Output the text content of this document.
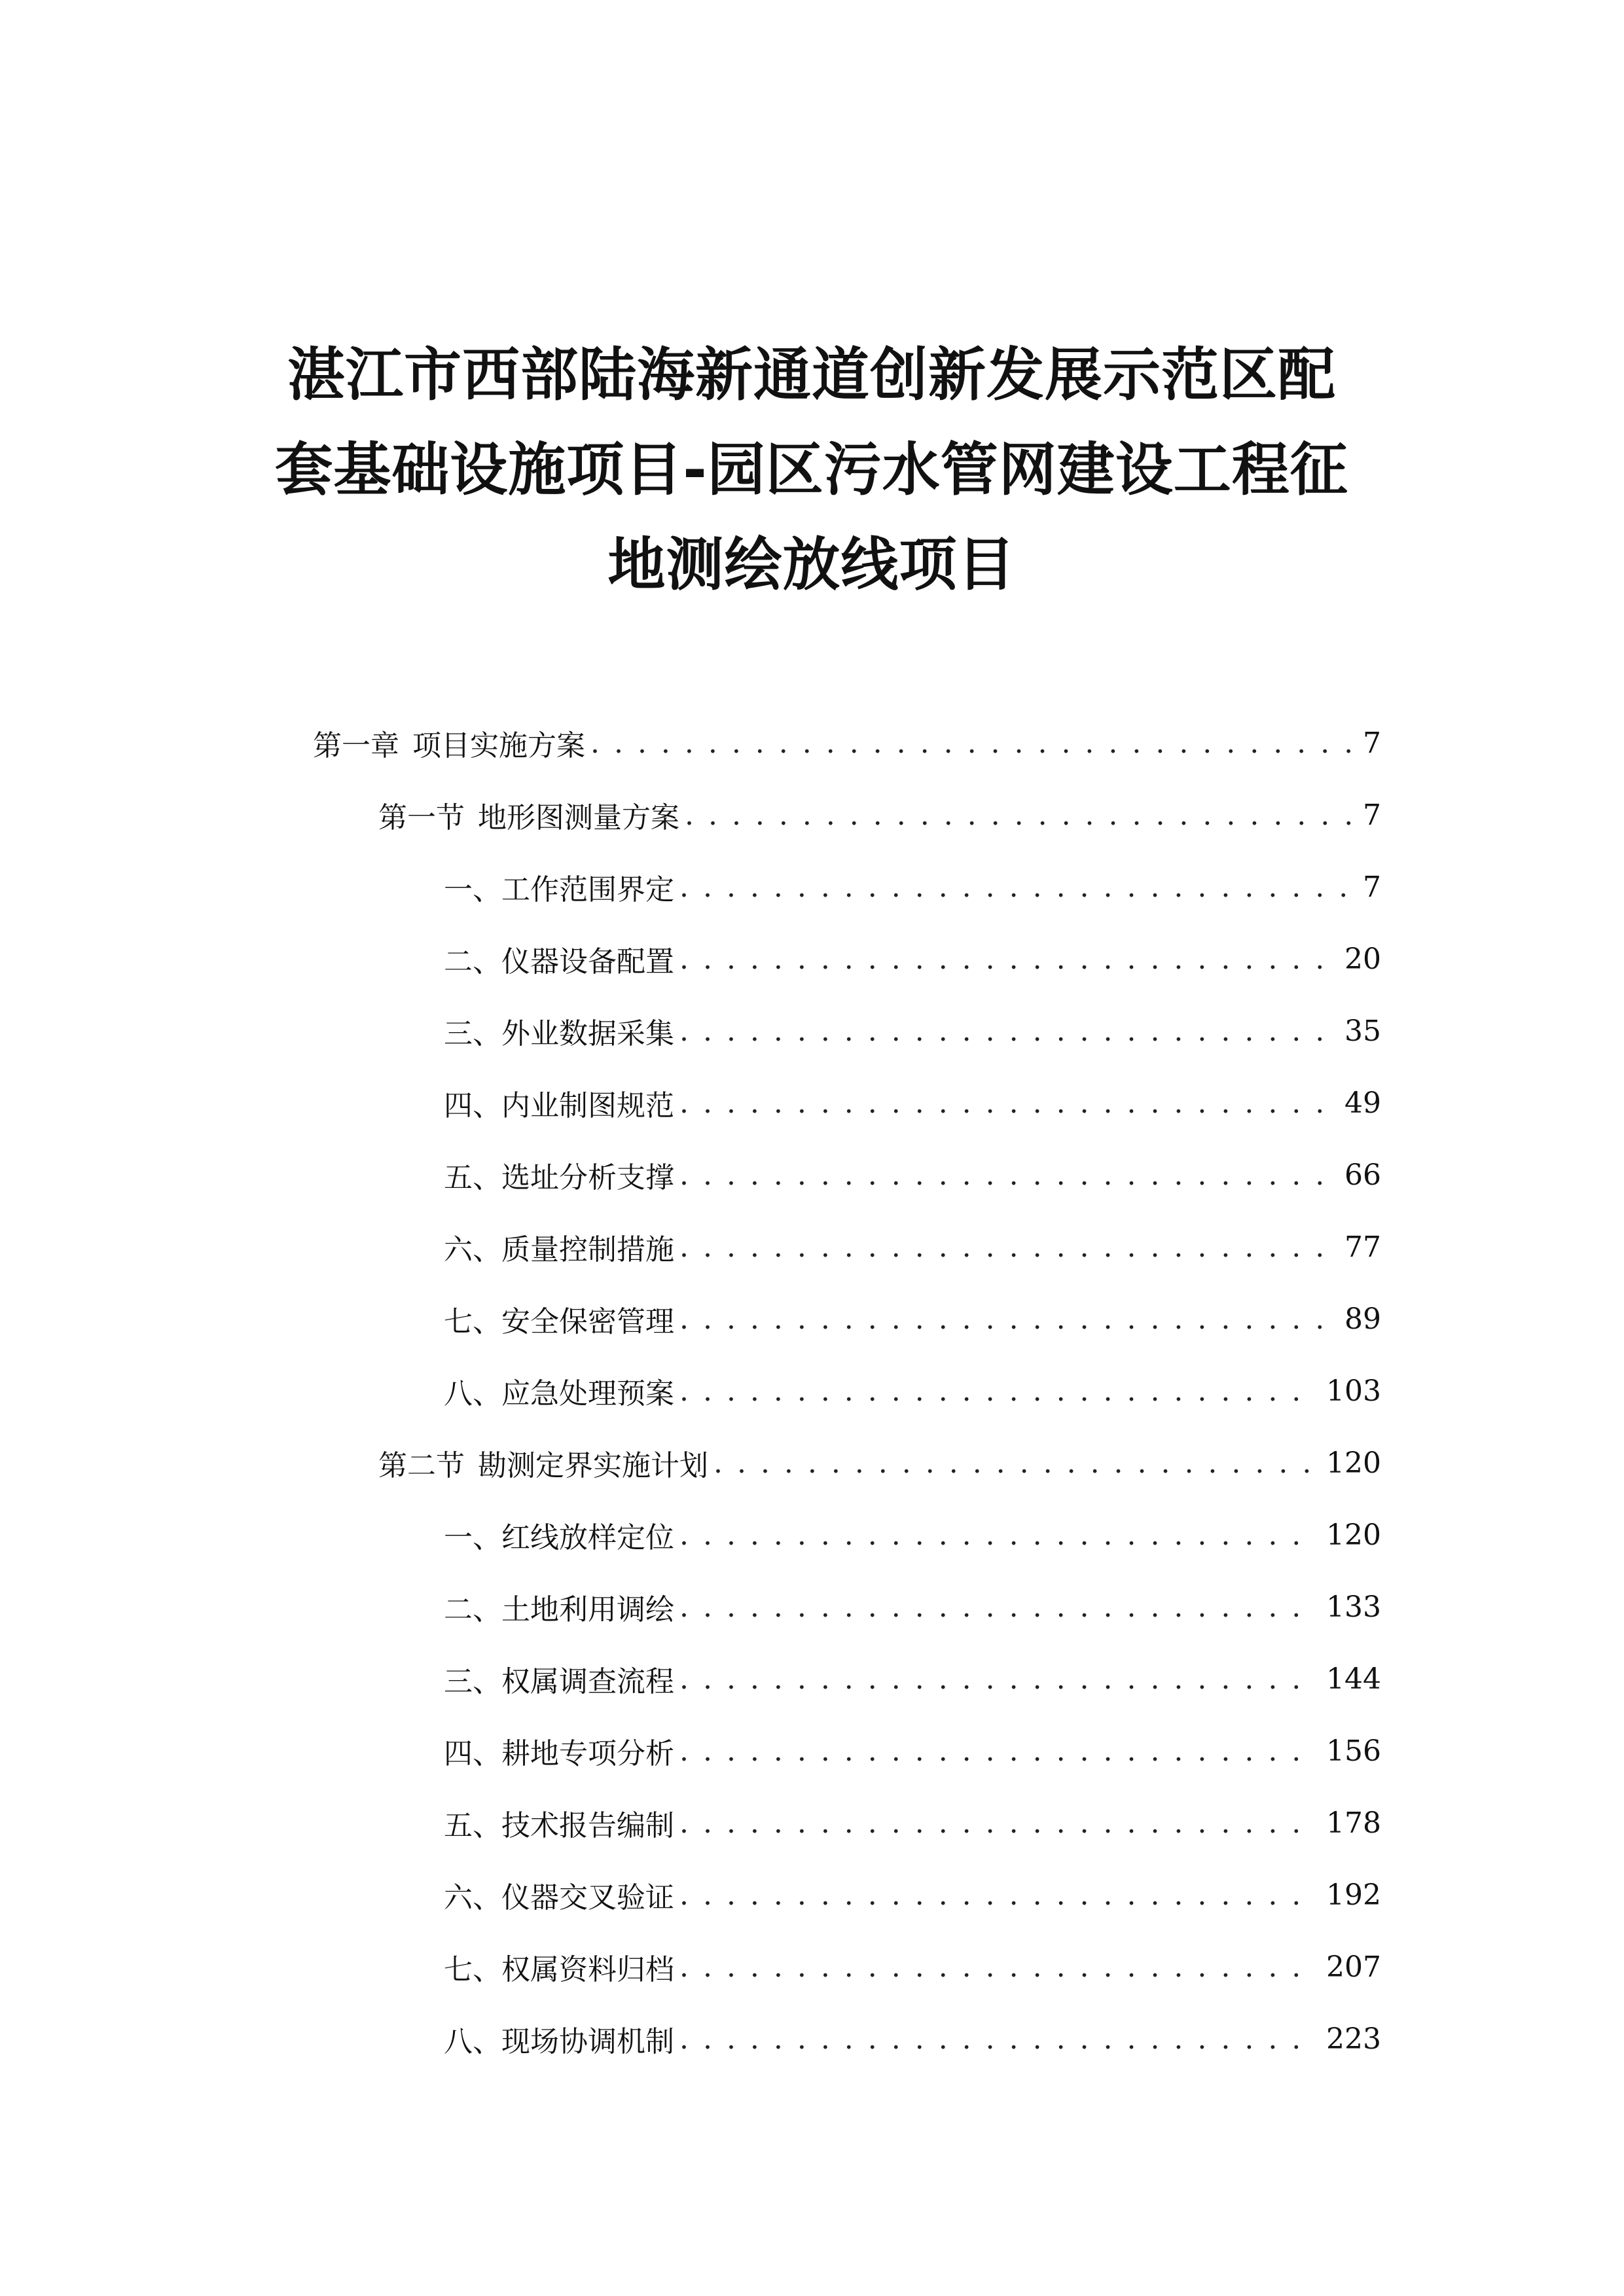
湛江市西部陆海新通道创新发展示范区配
套基础设施项目-园区污水管网建设工程征
地测绘放线项目
第一章 项目实施方案 . . .	7
第一节 地形图测量方案 . . .	7
一、 工作范围界定 . . .	7
二、 仪器设备配置 . . .	20
三、 外业数据采集 . . .	35
四、 内业制图规范 . . .	49
五、 选址分析支撑 . . .	66
六、 质量控制措施 . . .	77
七、 安全保密管理 . . .	89
八、 应急处理预案 . . .	103
第二节 勘测定界实施计划 . . .	120
一、 红线放样定位 . . .	120
二、 土地利用调绘 . . .	133
三、 权属调查流程 . . .	144
四、 耕地专项分析 . . .	156
五、 技术报告编制 . . .	178
六、 仪器交叉验证 . . .	192
七、 权属资料归档 . . .	207
八、 现场协调机制 . . .	223
